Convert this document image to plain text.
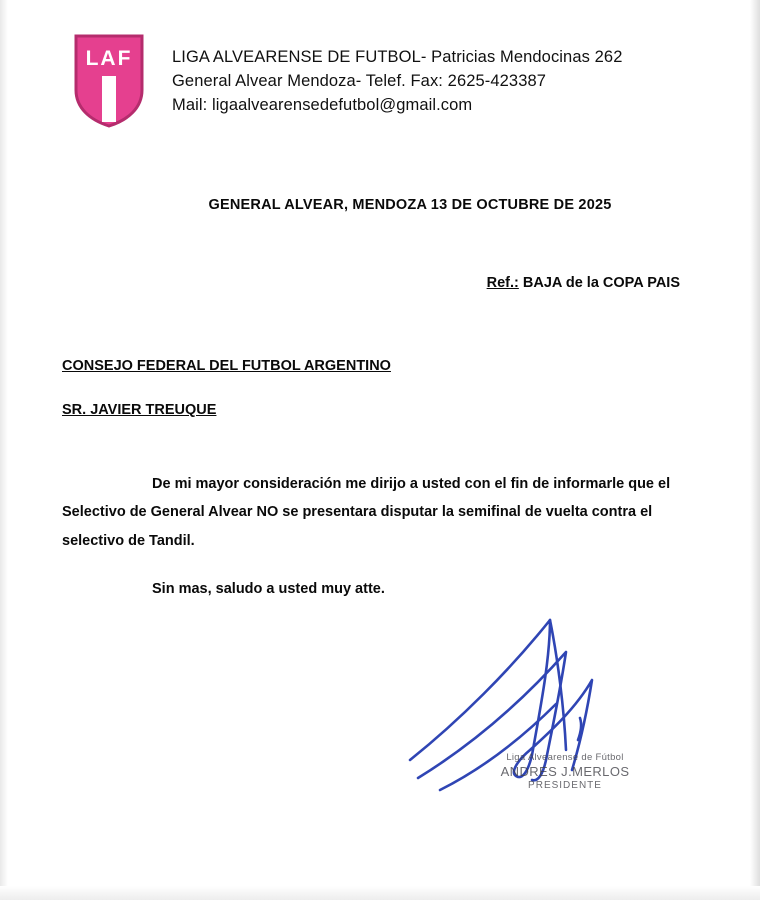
LAF LIGA ALVEARENSE DE FUTBOL- Patricias Mendocinas 262
General Alvear Mendoza- Telef. Fax: 2625-423387
Mail: ligaalvearensedefutbol@gmail.com
GENERAL ALVEAR, MENDOZA 13 DE OCTUBRE DE 2025
Ref.: BAJA de la COPA PAIS
CONSEJO FEDERAL DEL FUTBOL ARGENTINO
SR. JAVIER TREUQUE

De mi mayor consideración me dirijo a usted con el fin de informarle que el Selectivo de General Alvear NO se presentara disputar la semifinal de vuelta contra el selectivo de Tandil.

Sin mas, saludo a usted muy atte.

Liga Alvearense de Fútbol
ANDRES J.MERLOS
PRESIDENTE
